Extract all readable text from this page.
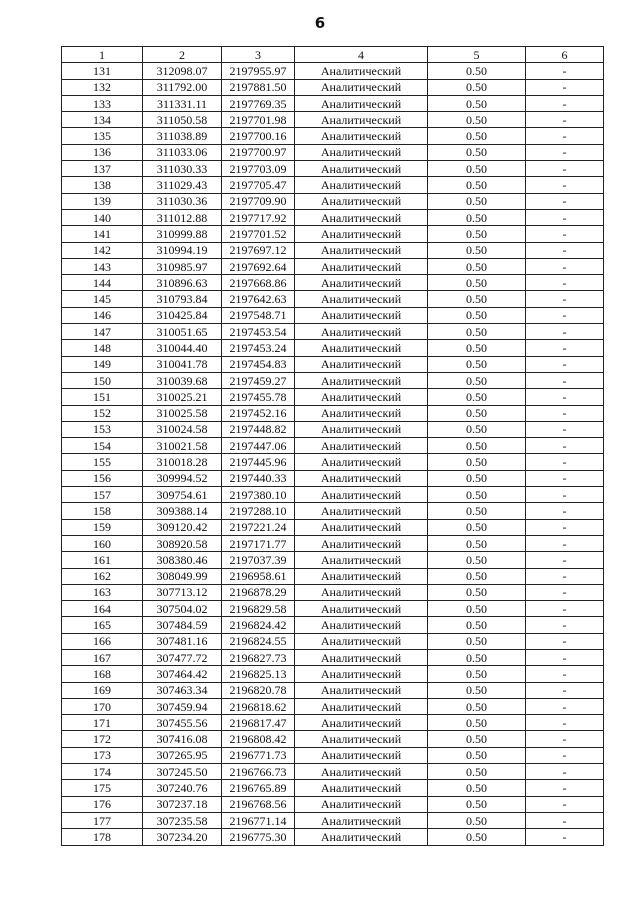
6
1	2	3	4	5	6
131	312098.07	2197955.97	Аналитический	0.50	-
132	311792.00	2197881.50	Аналитический	0.50	-
133	311331.11	2197769.35	Аналитический	0.50	-
134	311050.58	2197701.98	Аналитический	0.50	-
135	311038.89	2197700.16	Аналитический	0.50	-
136	311033.06	2197700.97	Аналитический	0.50	-
137	311030.33	2197703.09	Аналитический	0.50	-
138	311029.43	2197705.47	Аналитический	0.50	-
139	311030.36	2197709.90	Аналитический	0.50	-
140	311012.88	2197717.92	Аналитический	0.50	-
141	310999.88	2197701.52	Аналитический	0.50	-
142	310994.19	2197697.12	Аналитический	0.50	-
143	310985.97	2197692.64	Аналитический	0.50	-
144	310896.63	2197668.86	Аналитический	0.50	-
145	310793.84	2197642.63	Аналитический	0.50	-
146	310425.84	2197548.71	Аналитический	0.50	-
147	310051.65	2197453.54	Аналитический	0.50	-
148	310044.40	2197453.24	Аналитический	0.50	-
149	310041.78	2197454.83	Аналитический	0.50	-
150	310039.68	2197459.27	Аналитический	0.50	-
151	310025.21	2197455.78	Аналитический	0.50	-
152	310025.58	2197452.16	Аналитический	0.50	-
153	310024.58	2197448.82	Аналитический	0.50	-
154	310021.58	2197447.06	Аналитический	0.50	-
155	310018.28	2197445.96	Аналитический	0.50	-
156	309994.52	2197440.33	Аналитический	0.50	-
157	309754.61	2197380.10	Аналитический	0.50	-
158	309388.14	2197288.10	Аналитический	0.50	-
159	309120.42	2197221.24	Аналитический	0.50	-
160	308920.58	2197171.77	Аналитический	0.50	-
161	308380.46	2197037.39	Аналитический	0.50	-
162	308049.99	2196958.61	Аналитический	0.50	-
163	307713.12	2196878.29	Аналитический	0.50	-
164	307504.02	2196829.58	Аналитический	0.50	-
165	307484.59	2196824.42	Аналитический	0.50	-
166	307481.16	2196824.55	Аналитический	0.50	-
167	307477.72	2196827.73	Аналитический	0.50	-
168	307464.42	2196825.13	Аналитический	0.50	-
169	307463.34	2196820.78	Аналитический	0.50	-
170	307459.94	2196818.62	Аналитический	0.50	-
171	307455.56	2196817.47	Аналитический	0.50	-
172	307416.08	2196808.42	Аналитический	0.50	-
173	307265.95	2196771.73	Аналитический	0.50	-
174	307245.50	2196766.73	Аналитический	0.50	-
175	307240.76	2196765.89	Аналитический	0.50	-
176	307237.18	2196768.56	Аналитический	0.50	-
177	307235.58	2196771.14	Аналитический	0.50	-
178	307234.20	2196775.30	Аналитический	0.50	-
